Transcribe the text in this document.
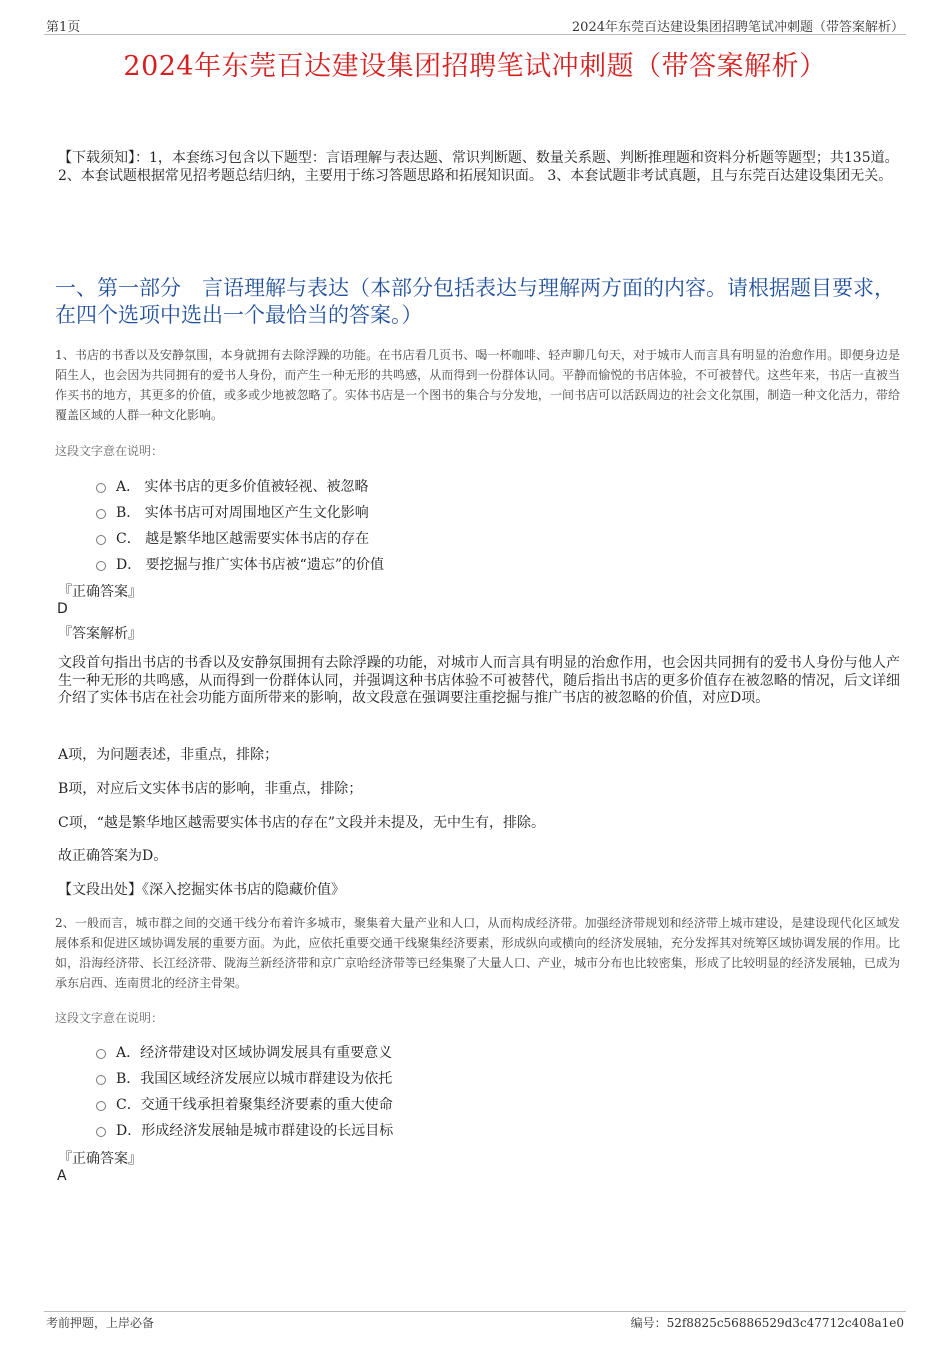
第1页	2024年东莞百达建设集团招聘笔试冲刺题（带答案解析）
2024年东莞百达建设集团招聘笔试冲刺题（带答案解析）
【下载须知】：1，本套练习包含以下题型：言语理解与表达题、常识判断题、数量关系题、判断推理题和资料分析题等题型；共135道。 2、本套试题根据常见招考题总结归纳，主要用于练习答题思路和拓展知识面。 3、本套试题非考试真题，且与东莞百达建设集团无关。
一、第一部分　言语理解与表达（本部分包括表达与理解两方面的内容。请根据题目要求，在四个选项中选出一个最恰当的答案。）
1、书店的书香以及安静氛围，本身就拥有去除浮躁的功能。在书店看几页书、喝一杯咖啡、轻声聊几句天，对于城市人而言具有明显的治愈作用。即便身边是陌生人，也会因为共同拥有的爱书人身份，而产生一种无形的共鸣感，从而得到一份群体认同。平静而愉悦的书店体验，不可被替代。这些年来，书店一直被当作买书的地方，其更多的价值，或多或少地被忽略了。实体书店是一个图书的集合与分发地，一间书店可以活跃周边的社会文化氛围，制造一种文化活力，带给覆盖区域的人群一种文化影响。
这段文字意在说明：
A． 实体书店的更多价值被轻视、被忽略
B． 实体书店可对周围地区产生文化影响
C． 越是繁华地区越需要实体书店的存在
D． 要挖掘与推广实体书店被“遗忘”的价值
『正确答案』
D
『答案解析』
文段首句指出书店的书香以及安静氛围拥有去除浮躁的功能，对城市人而言具有明显的治愈作用，也会因共同拥有的爱书人身份与他人产生一种无形的共鸣感，从而得到一份群体认同，并强调这种书店体验不可被替代，随后指出书店的更多价值存在被忽略的情况，后文详细介绍了实体书店在社会功能方面所带来的影响，故文段意在强调要注重挖掘与推广书店的被忽略的价值，对应D项。
A项，为问题表述，非重点，排除；
B项，对应后文实体书店的影响，非重点，排除；
C项，“越是繁华地区越需要实体书店的存在”文段并未提及，无中生有，排除。
故正确答案为D。
【文段出处】《深入挖掘实体书店的隐藏价值》
2、一般而言，城市群之间的交通干线分布着许多城市，聚集着大量产业和人口，从而构成经济带。加强经济带规划和经济带上城市建设，是建设现代化区域发展体系和促进区域协调发展的重要方面。为此，应依托重要交通干线聚集经济要素，形成纵向或横向的经济发展轴，充分发挥其对统筹区域协调发展的作用。比如，沿海经济带、长江经济带、陇海兰新经济带和京广京哈经济带等已经集聚了大量人口、产业，城市分布也比较密集，形成了比较明显的经济发展轴，已成为承东启西、连南贯北的经济主骨架。
这段文字意在说明：
A．经济带建设对区域协调发展具有重要意义
B．我国区域经济发展应以城市群建设为依托
C．交通干线承担着聚集经济要素的重大使命
D．形成经济发展轴是城市群建设的长远目标
『正确答案』
A
考前押题，上岸必备	编号：52f8825c56886529d3c47712c408a1e0
